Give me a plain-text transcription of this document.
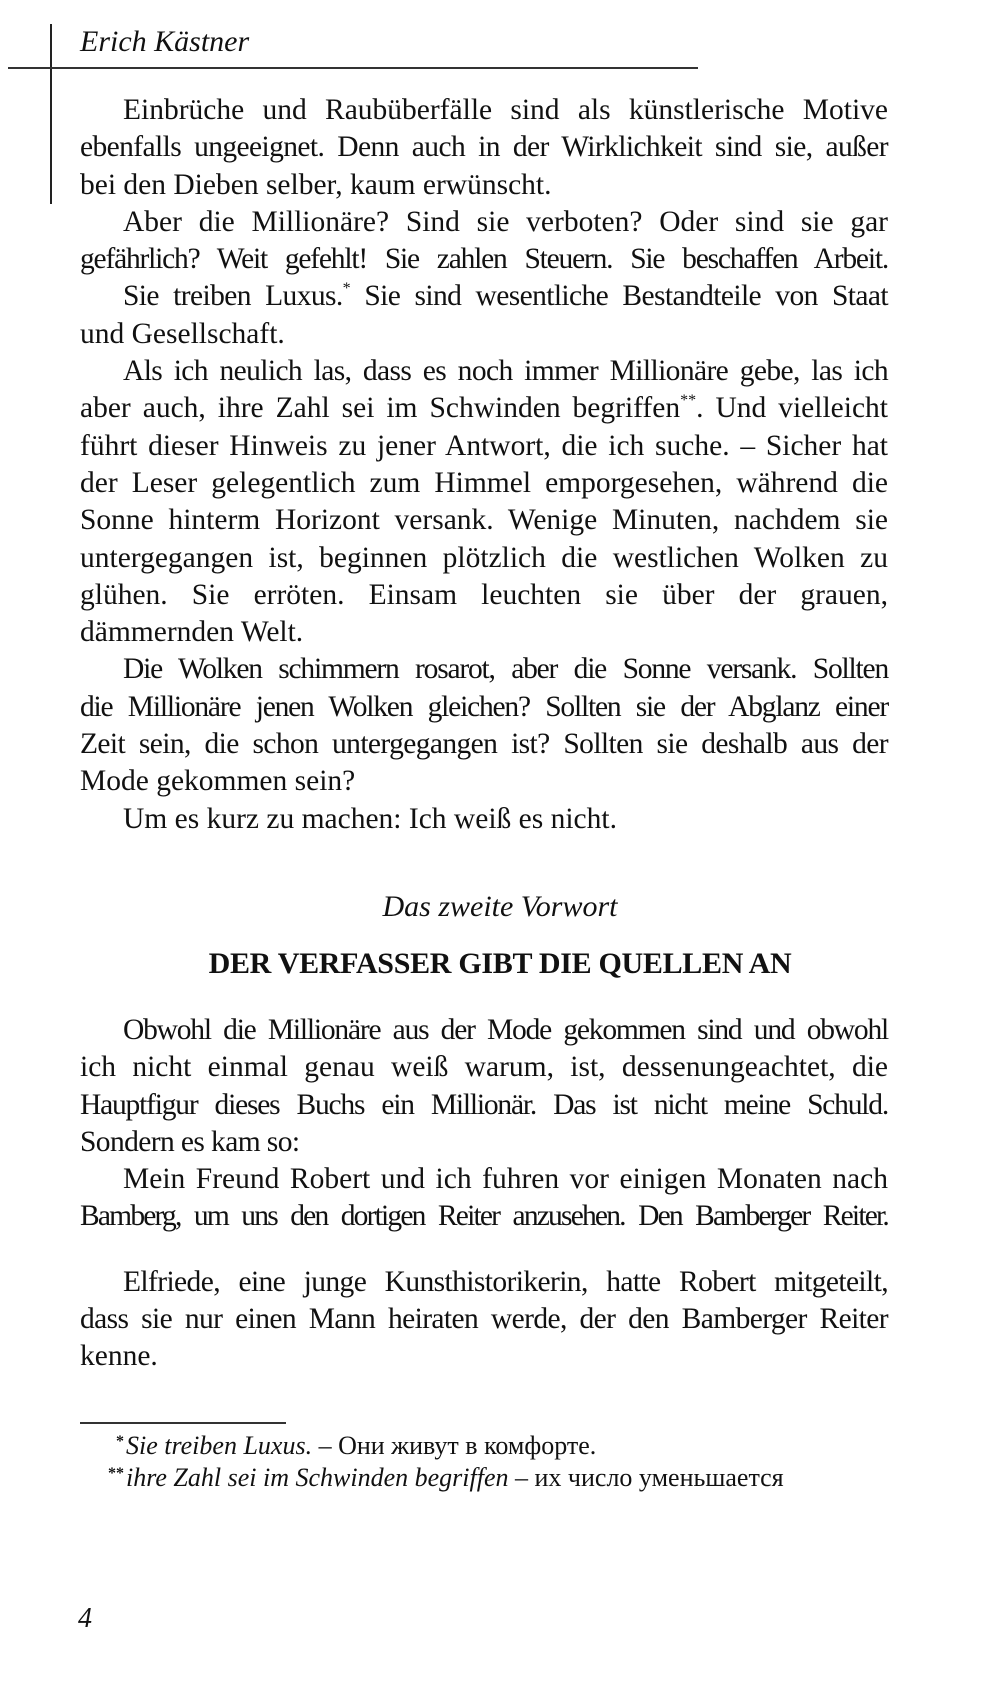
Erich Kästner
Einbrüche und Raubüberfälle sind als künstlerische Motive
ebenfalls ungeeignet. Denn auch in der Wirklichkeit sind sie, außer
bei den Dieben selber, kaum erwünscht.
Aber die Millionäre? Sind sie verboten? Oder sind sie gar
gefährlich? Weit gefehlt! Sie zahlen Steuern. Sie beschaffen Arbeit.
Sie treiben Luxus.* Sie sind wesentliche Bestandteile von Staat
und Gesellschaft.
Als ich neulich las, dass es noch immer Millionäre gebe, las ich
aber auch, ihre Zahl sei im Schwinden begriffen**. Und vielleicht
führt dieser Hinweis zu jener Antwort, die ich suche. – Sicher hat
der Leser gelegentlich zum Himmel emporgesehen, während die
Sonne hinterm Horizont versank. Wenige Minuten, nachdem sie
untergegangen ist, beginnen plötzlich die westlichen Wolken zu
glühen. Sie erröten. Einsam leuchten sie über der grauen,
dämmernden Welt.
Die Wolken schimmern rosarot, aber die Sonne versank. Sollten
die Millionäre jenen Wolken gleichen? Sollten sie der Abglanz einer
Zeit sein, die schon untergegangen ist? Sollten sie deshalb aus der
Mode gekommen sein?
Um es kurz zu machen: Ich weiß es nicht.
Das zweite Vorwort
DER VERFASSER GIBT DIE QUELLEN AN
Obwohl die Millionäre aus der Mode gekommen sind und obwohl
ich nicht einmal genau weiß warum, ist, dessenungeachtet, die
Hauptfigur dieses Buchs ein Millionär. Das ist nicht meine Schuld.
Sondern es kam so:
Mein Freund Robert und ich fuhren vor einigen Monaten nach
Bamberg, um uns den dortigen Reiter anzusehen. Den Bamberger Reiter.
Elfriede, eine junge Kunsthistorikerin, hatte Robert mitgeteilt,
dass sie nur einen Mann heiraten werde, der den Bamberger Reiter
kenne.
* Sie treiben Luxus. – Они живут в комфорте.
** ihre Zahl sei im Schwinden begriffen – их число уменьшается
4
